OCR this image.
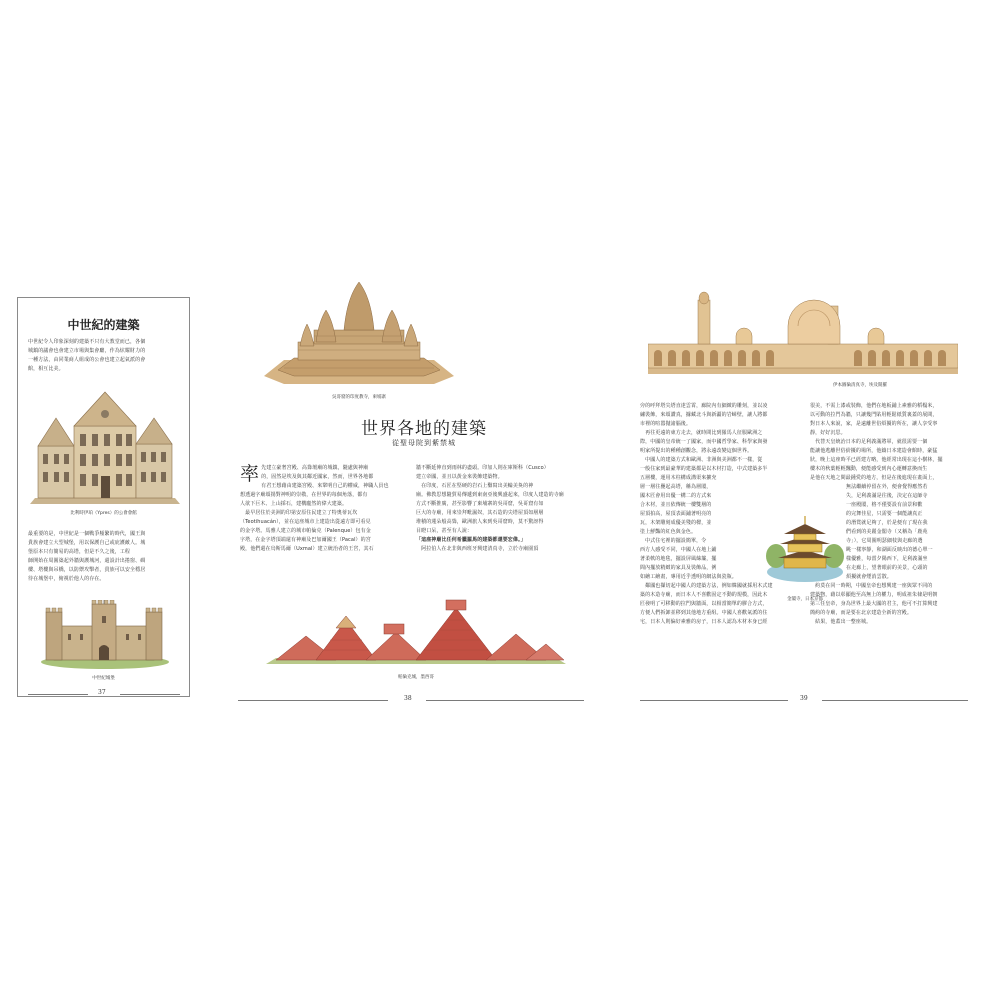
中世紀的建築
中世紀令人印象深刻的建築不只有大教堂而已，各個
城鎮的議會也會建立市場與集會廳，作為炫耀財力的
一種方法，由同業商人組成的公會也建立起氣派的會
館，相互比美。
比利時伊珀（Ypres）的公會會館
最重要的是，中世紀是一個戰爭頻繁的時代，國王與
貴族會建立大型城堡，用以保護自己或庇護敵人。城
堡原本只有簡易的高塔，但是不久之後，工程
師開始在周圍築起外牆與護城河，還設計出捲窗、碉
樓、塔樓與吊橋，以防禦攻擊者，貴族可以安全穩居
待在城堡中，俯視於他人的存在。
中世紀城堡
37
吳哥窟的印度教寺，柬埔寨
世界各地的建築
從聖母院到紫禁城
率 先建立豪奢宮殿、高聳壇廟的城鎮，隨處與神廟
的，固然是埃及與其鄰近國家，然而，世界各地都
有君王想藉由建築宮殿、來鞏明自己的權威，神職人員也
想透過字廟頌揚對神明的崇敬，在世界的每個角落，都有
人欲下巨木、上山採石，建構龐然的偉大建築。
　最早居住於美洲的印第安原住民建立了特奧蒂瓦坎
（Teotihuacán），並在這座城市上建造出從遠方即可看見
的金字塔。馬雅人建立的城市帕倫克（Palenque）包有金
字塔，在金字塔頂端還有神廟及巴加爾國王（Pacal）的宮
殿，他們還在烏斯馬爾（Uxmal）建立統治者的王宮，其石
牆不斷延伸直到雨林的盡頭。印加人則在庫斯科（Cusco）
建立帝國，並且以黃金來裝飾建築物。
　在印度，石匠在堅硬的岩石上鑿寫出美輪美奐的神
廟。佛教思想隨貿易傳遞到東南亞後興盛起來，印度人建造的寺廟
方式不斷推廣，甚至影響了柬埔寨的吳哥窟，吳哥窟有如
巨大的寺廟，用來崇拜毗濕奴，其石造的尖塔屋頂如層層
堆積的蓮朵般高聳，歐洲旅人來到吳哥窟時，莫不驚訝得
目瞪口呆，甚至有人說：
「這座神廟比任何希臘羅馬的建築都還要宏偉。」
　阿拉伯人在北非與西班牙興建清真寺，立於寺廟園頂
帕倫克城，墨西哥
38
伊本圖倫清真寺，埃及開羅
旁的呼拜塔尖塔直達雲霄，廊院內有細緻的雕刻，並以凌
繡裝飾，來頌讚真，據藏北斗與新疆的岩嶂壁，讓人將都
市裡的喧囂抛諸腦後。
　再往更遠的東方走去，就時間比到羅馬人征服歐洲之
際，中國的皇帝統一了國家，而中國哲學家、科學家與發
明家所提出的種種創觀念，將永遠改變這個世界。
　中國人的建築方式和歐洲、非洲與美洲都不一樣，從
一般住家到最豪華的建築都是以木材打造，中式建築多半
五層樓，運用木柱構成溝渠來擴充
層一層往疊起高塔，稱為層閣，
國木匠會用出優一構二的方式來
合木材，並且依傳統一樓雙層的
屋頂拍高，屋頂表面鋪著明亮的
瓦，木架雕刻成優美殘的樑，並
塗上鮮豔的紅色與金色。
　中式住宅裡的擺設簡單，令
西方人感受不同，中國人在地上鋪
著柔軟的地毯，擺設屏風絲簾，擺
間內擺放精緻的家具及裝飾品，例
如繪工繪畫，專用近乎透明的網法與瓷瓶。
　鄰國也擷切起中國人的建築方法，例如韓國就採用木式建
築的木造寺廟，而日本人不喜歡固定不動的規模，因此木
匠發明了可移動的拉門與牆面，以相當簡單的膠合方式，
方便人們拆卸並移到其他地方重組。中國人喜歡氣派的住
宅，日本人則偏好素雅的房子，日本人認為木材本身已經
很美，不需上漆或裝飾，他們在地板鋪上素雅的稻榻米，
以可動的拉門為牆，只讓幾門貼用輕鬆紙質裏蓋的展間，
對日本人來說，家，是遠離世俗煩擾的所在，讓人享受寧
靜，好好沉思。
　代替天皇統治日本的足利義滿將軍，就很需要一個
能讓他逃離世俗紛擾的場所，他鑄日本建造會館時，豪猛
狀，晚上這座時平已經建方略，他經常出現在這小樹林，擺
樓木的秋葉輕輕飄動，便能感受到內心運轉意換而生
是他在天地之間最鍾愛的地方，但是在後進現在畫面上，
無法繼續停留在外，便會覺得應然若
失，足利義滿是往後，決定在這師寺
一座殿閣，格不僅要設有前景和歡
的完舞佳星，只需要一個能讓真正
的潛賞就足夠了，於是便有了現在我
們看到的美麗金閣寺（又稱為「鹿苑
寺」），它周圍明瑟細枝與走廊的選
眺一樣寧靜，和湖面反映出的德心單一
樣優雅，每當夕陽西下，足利義滿坐
在走廊上，望著眼前的美景，心頭的
煩擾就會煙消雲散。
　約莫在同一時期，中國皇帝也想興建一座與眾不同的
建築物，藉以彰顯他至高無上的權力，明成祖朱棣是明朝
第三任皇帝，身為世界上最大國的君主，他可不打算興建
簡約的寺廟，而是要在北京建造全新的宮殿。
　結果，他蓋出一整座城。
金閣寺，日本京都
39
